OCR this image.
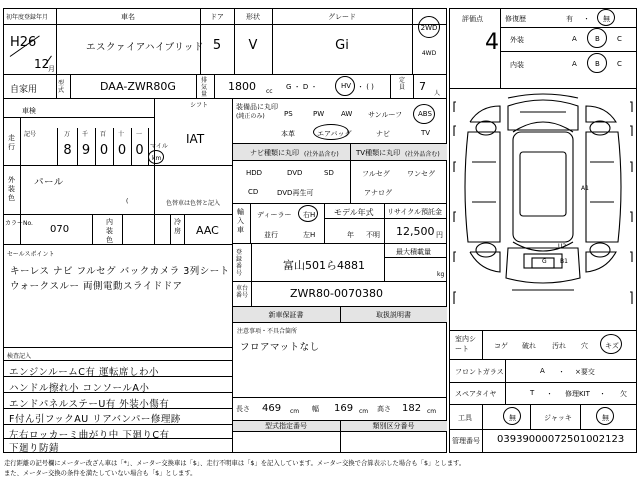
初年度登録年月
H26
12
月
車名
エスクァイアハイブリッド
ドア
5
形状
V
グレード
Gi
2WD
4WD
自家用
型式	DAA-ZWR80G	排気量
1800 cc
G ・ D ・	HV ・ ( )
定員	7
人
車検
走行
記号	万 千 百 十 一
8 9 0 0 0	マイル
km
シフト
IAT
外装色
パール
(	色替車は色替と記入
カラーNo.
070
内装色
冷房 AAC
セールスポイント
キーレス ナビ フルセグ バックカメラ 3列シート
ウォークスルー 両側電動スライドドア
検査記入
エンジンルームC有 運転席しわ小
ハンドル擦れ小 コンソールA小
エンドパネルステーU有 外装小傷有
F付ん引フックAU リアバンパー修理跡
左右ロッカーミ曲がり中 下廻りC有
下廻り防錆
装備品に丸印
(純正のみ)	PS	PW AW サンルーフ ABS
本革	エアバッグ	ナビ	TV
ナビ種類に丸印 (社外品含む) TV種類に丸印 (社外品含む)
HDD	DVD	SD
CD	DVD再生可
フルセグ ワンセグ
アナログ
輸入車
ディーラー
並行
右H
左H
モデル年式
年 不明
リサイクル預託金
12,500 円
登録番号
富山501ら4881
最大積載量
kg
車台番号	ZWR80-0070380
新車保証書	取扱説明書
注意事項・不具合箇所
フロアマットなし
長さ 469 cm 幅 169 cm 高さ 182 cm
型式指定番号	類別区分番号
評価点
4
修復歴	有 ・ 無
外装	A	B C
内装	A	B C
A1
U2
G B1
室内シート	コゲ 破れ 汚れ 穴 キズ
フロントガラス	A ・ ×要交
スペアタイヤ	T ・ 修理KIT ・ 欠
工具	無	ジャッキ	無
管理番号 03939000072501002123
走行距離の記号欄にメーター改ざん車は「*」、メーター交換車は「$」、走行不明車は「$」を記入しています。メーター交換で合算表示した場合も「$」とします。
また、メーター交換の条件を満たしていない場合も「$」とします。
